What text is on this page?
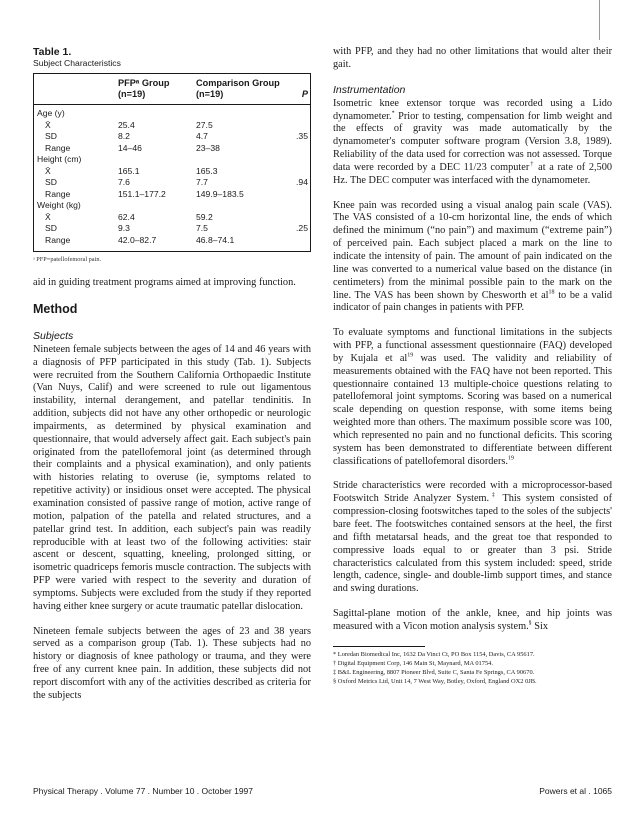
Table 1.
Subject Characteristics
PFPᵃ Group
(n=19)
Comparison Group
(n=19)	P
Age (y)
X̄	25.4	27.5
SD	8.2	4.7	.35
Range	14–46	23–38
Height (cm)
X̄	165.1	165.3
SD	7.6	7.7	.94
Range	151.1–177.2	149.9–183.5
Weight (kg)
X̄	62.4	59.2
SD	9.3	7.5	.25
Range	42.0–82.7	46.8–74.1
ᵃ PFP=patellofemoral pain.

aid in guiding treatment programs aimed at improving function.

Method
Subjects

Nineteen female subjects between the ages of 14 and 46 years with a diagnosis of PFP participated in this study (Tab. 1). Subjects were recruited from the Southern California Orthopaedic Institute (Van Nuys, Calif) and were screened to rule out ligamentous instability, internal derangement, and patellar tendinitis. In addition, subjects did not have any other orthopedic or neurologic impairments, as determined by physical examination and questionnaire, that would adversely affect gait. Each subject's pain originated from the patellofemoral joint (as determined through their complaints and a physical examination), and only patients with histories relating to overuse (ie, symptoms related to repetitive activity) or insidious onset were accepted. The physical examination consisted of passive range of motion, active range of motion, palpation of the patella and related structures, and a patellar grind test. In addition, each subject's pain was readily reproducible with at least two of the following activities: stair ascent or descent, squatting, kneeling, prolonged sitting, or isometric quadriceps femoris muscle contraction. The subjects with PFP were varied with respect to the severity and duration of symptoms. Subjects were excluded from the study if they reported having either knee surgery or acute traumatic patellar dislocation.

Nineteen female subjects between the ages of 23 and 38 years served as a comparison group (Tab. 1). These subjects had no history or diagnosis of knee pathology or trauma, and they were free of any current knee pain. In addition, these subjects did not report discomfort with any of the activities described as criteria for the subjects

with PFP, and they had no other limitations that would alter their gait.

Instrumentation

Isometric knee extensor torque was recorded using a Lido dynamometer.* Prior to testing, compensation for limb weight and the effects of gravity was made automatically by the dynamometer's computer software program (Version 3.8, 1989). Reliability of the data used for correction was not assessed. Torque data were recorded by a DEC 11/23 computer† at a rate of 2,500 Hz. The DEC computer was interfaced with the dynamometer.

Knee pain was recorded using a visual analog pain scale (VAS). The VAS consisted of a 10-cm horizontal line, the ends of which defined the minimum (“no pain”) and maximum (“extreme pain”) of perceived pain. Each subject placed a mark on the line to indicate the intensity of pain. The amount of pain indicated on the line was converted to a numerical value based on the distance (in centimeters) from the minimal possible pain to the mark on the line. The VAS has been shown by Chesworth et $al^{18}$ to be a valid indicator of pain changes in patients with PFP.

To evaluate symptoms and functional limitations in the subjects with PFP, a functional assessment questionnaire (FAQ) developed by Kujala et $al^{19}$ was used. The validity and reliability of measurements obtained with the FAQ have not been reported. This questionnaire contained 13 multiple-choice questions relating to patellofemoral joint symptoms. Scoring was based on a numerical scale depending on question response, with some items being weighted more than others. The maximum possible score was 100, which represented no pain and no functional deficits. This scoring system has been demonstrated to differentiate between different classifications of patellofemoral disorders.$^{19}$

Stride characteristics were recorded with a microprocessor-based Footswitch Stride Analyzer System.‡ This system consisted of compression-closing footswitches taped to the soles of the subjects' bare feet. The footswitches contained sensors at the heel, the first and fifth metatarsal heads, and the great toe that responded to compressive loads equal to or greater than 3 psi. Stride characteristics calculated from this system included: speed, stride length, cadence, single- and double-limb support times, and stance and swing durations.

Sagittal-plane motion of the ankle, knee, and hip joints was measured with a Vicon motion analysis system.§ Six

* Loredan Biomedical Inc, 1632 Da Vinci Ct, PO Box 1154, Davis, CA 95617.
† Digital Equipment Corp, 146 Main St, Maynard, MA 01754.
‡ B&L Engineering, 8807 Pioneer Blvd, Suite C, Santa Fe Springs, CA 90670.
§ Oxford Metrics Ltd, Unit 14, 7 West Way, Botley, Oxford, England OX2 0JB.
Physical Therapy . Volume 77 . Number 10 . October 1997	Powers et al . 1065
